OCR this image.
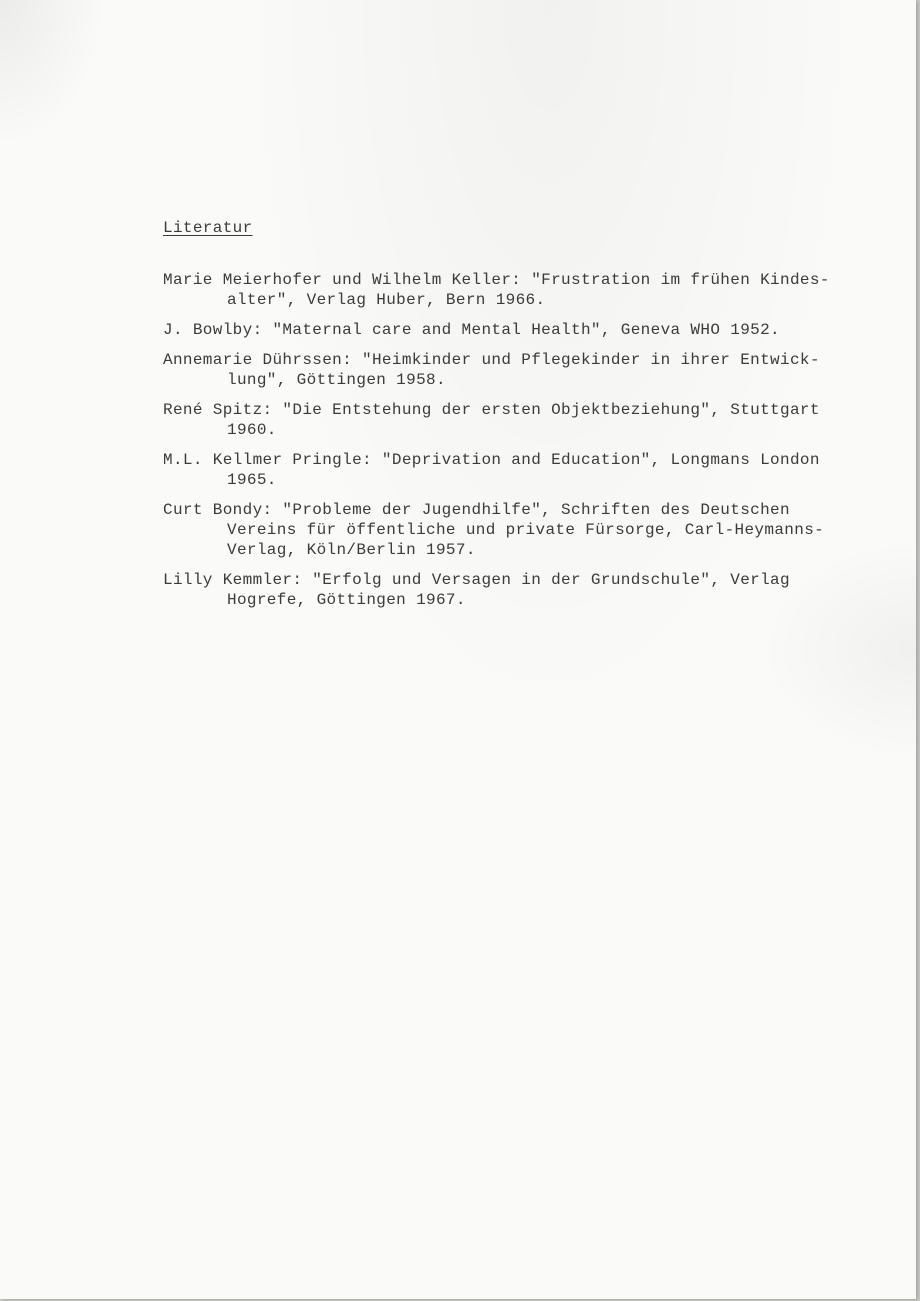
Literatur

Marie Meierhofer und Wilhelm Keller: "Frustration im frühen Kindes-

alter", Verlag Huber, Bern 1966.

J. Bowlby: "Maternal care and Mental Health", Geneva WHO 1952.

Annemarie Dührssen: "Heimkinder und Pflegekinder in ihrer Entwick-

lung", Göttingen 1958.

René Spitz: "Die Entstehung der ersten Objektbeziehung", Stuttgart

1960.

M.L. Kellmer Pringle: "Deprivation and Education", Longmans London

1965.

Curt Bondy: "Probleme der Jugendhilfe", Schriften des Deutschen

Vereins für öffentliche und private Fürsorge, Carl-Heymanns-

Verlag, Köln/Berlin 1957.

Lilly Kemmler: "Erfolg und Versagen in der Grundschule", Verlag

Hogrefe, Göttingen 1967.
